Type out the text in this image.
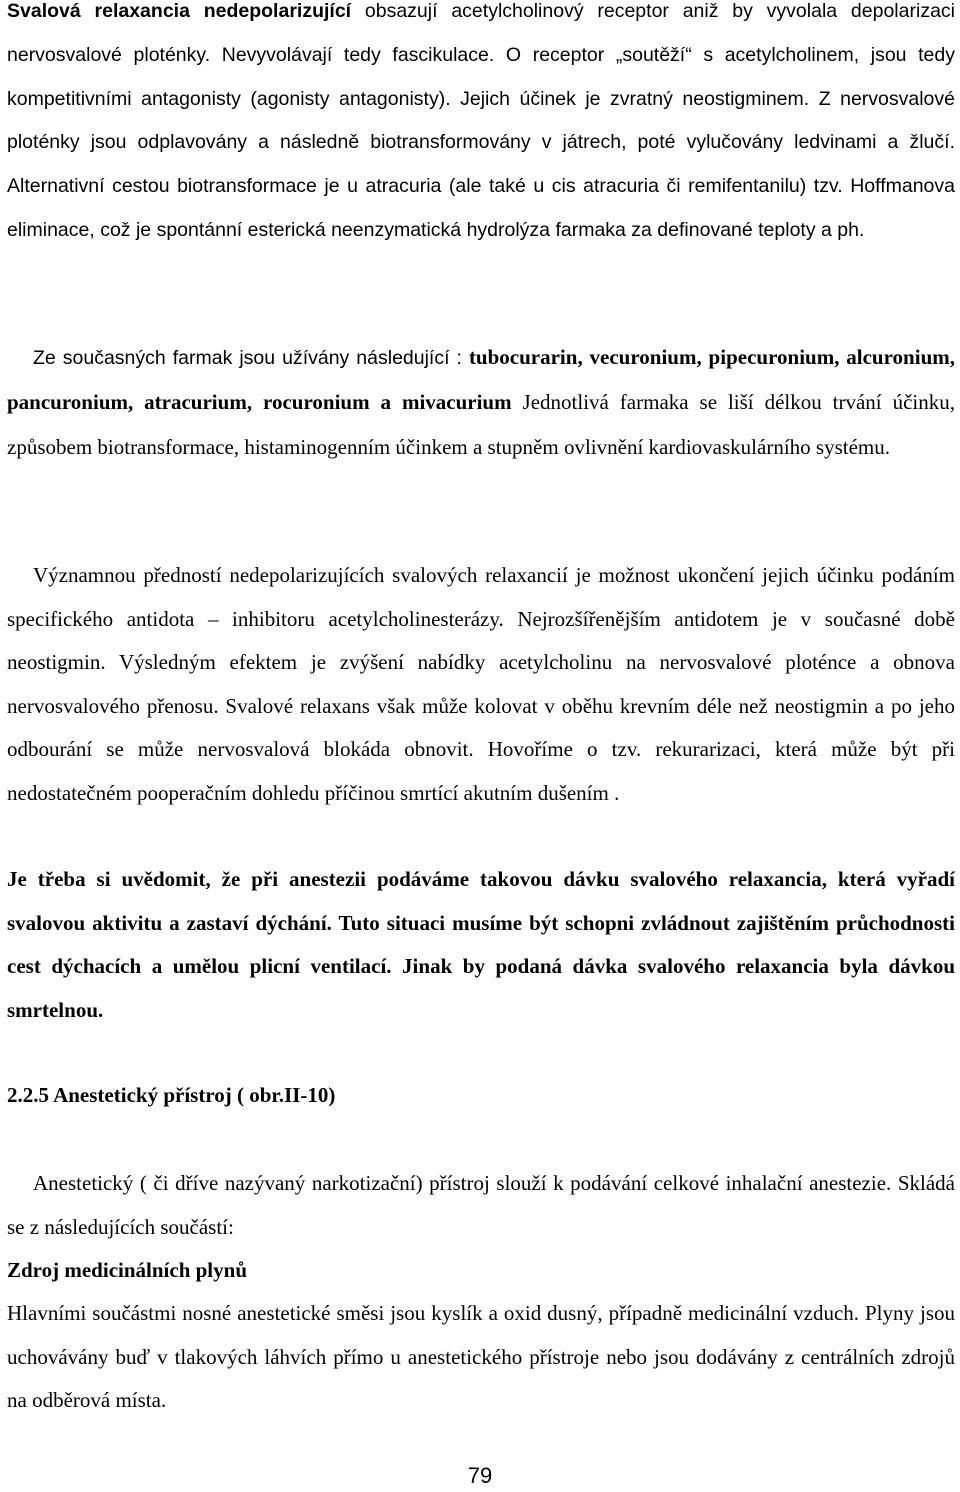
Svalová relaxancia nedepolarizující obsazují acetylcholinový receptor aniž by vyvolala depolarizaci nervosvalové ploténky. Nevyvolávají tedy fascikulace. O receptor „soutěží“ s acetylcholinem, jsou tedy kompetitivními antagonisty (agonisty antagonisty). Jejich účinek je zvratný neostigminem. Z nervosvalové ploténky jsou odplavovány a následně biotransformovány v játrech, poté vylučovány ledvinami a žlučí. Alternativní cestou biotransformace je u atracuria (ale také u cis atracuria či remifentanilu) tzv. Hoffmanova eliminace, což je spontánní esterická neenzymatická hydrolýza farmaka za definované teploty a ph.

Ze současných farmak jsou užívány následující : tubocurarin, vecuronium, pipecuronium, alcuronium, pancuronium, atracurium, rocuronium a mivacurium Jednotlivá farmaka se liší délkou trvání účinku, způsobem biotransformace, histaminogenním účinkem a stupněm ovlivnění kardiovaskulárního systému.

Významnou předností nedepolarizujících svalových relaxancií je možnost ukončení jejich účinku podáním specifického antidota – inhibitoru acetylcholinesterázy. Nejrozšířenějším antidotem je v současné době neostigmin. Výsledným efektem je zvýšení nabídky acetylcholinu na nervosvalové ploténce a obnova nervosvalového přenosu. Svalové relaxans však může kolovat v oběhu krevním déle než neostigmin a po jeho odbourání se může nervosvalová blokáda obnovit. Hovoříme o tzv. rekurarizaci, která může být při nedostatečném pooperačním dohledu příčinou smrtící akutním dušením .

Je třeba si uvědomit, že při anestezii podáváme takovou dávku svalového relaxancia, která vyřadí svalovou aktivitu a zastaví dýchání. Tuto situaci musíme být schopni zvládnout zajištěním průchodnosti cest dýchacích a umělou plicní ventilací. Jinak by podaná dávka svalového relaxancia byla dávkou smrtelnou.

2.2.5 Anestetický přístroj ( obr.II-10)

Anestetický ( či dříve nazývaný narkotizační) přístroj slouží k podávání celkové inhalační anestezie. Skládá se z následujících součástí:

Zdroj medicinálních plynů

Hlavními součástmi nosné anestetické směsi jsou kyslík a oxid dusný, případně medicinální vzduch. Plyny jsou uchovávány buď v tlakových láhvích přímo u anestetického přístroje nebo jsou dodávány z centrálních zdrojů na odběrová místa.

79
